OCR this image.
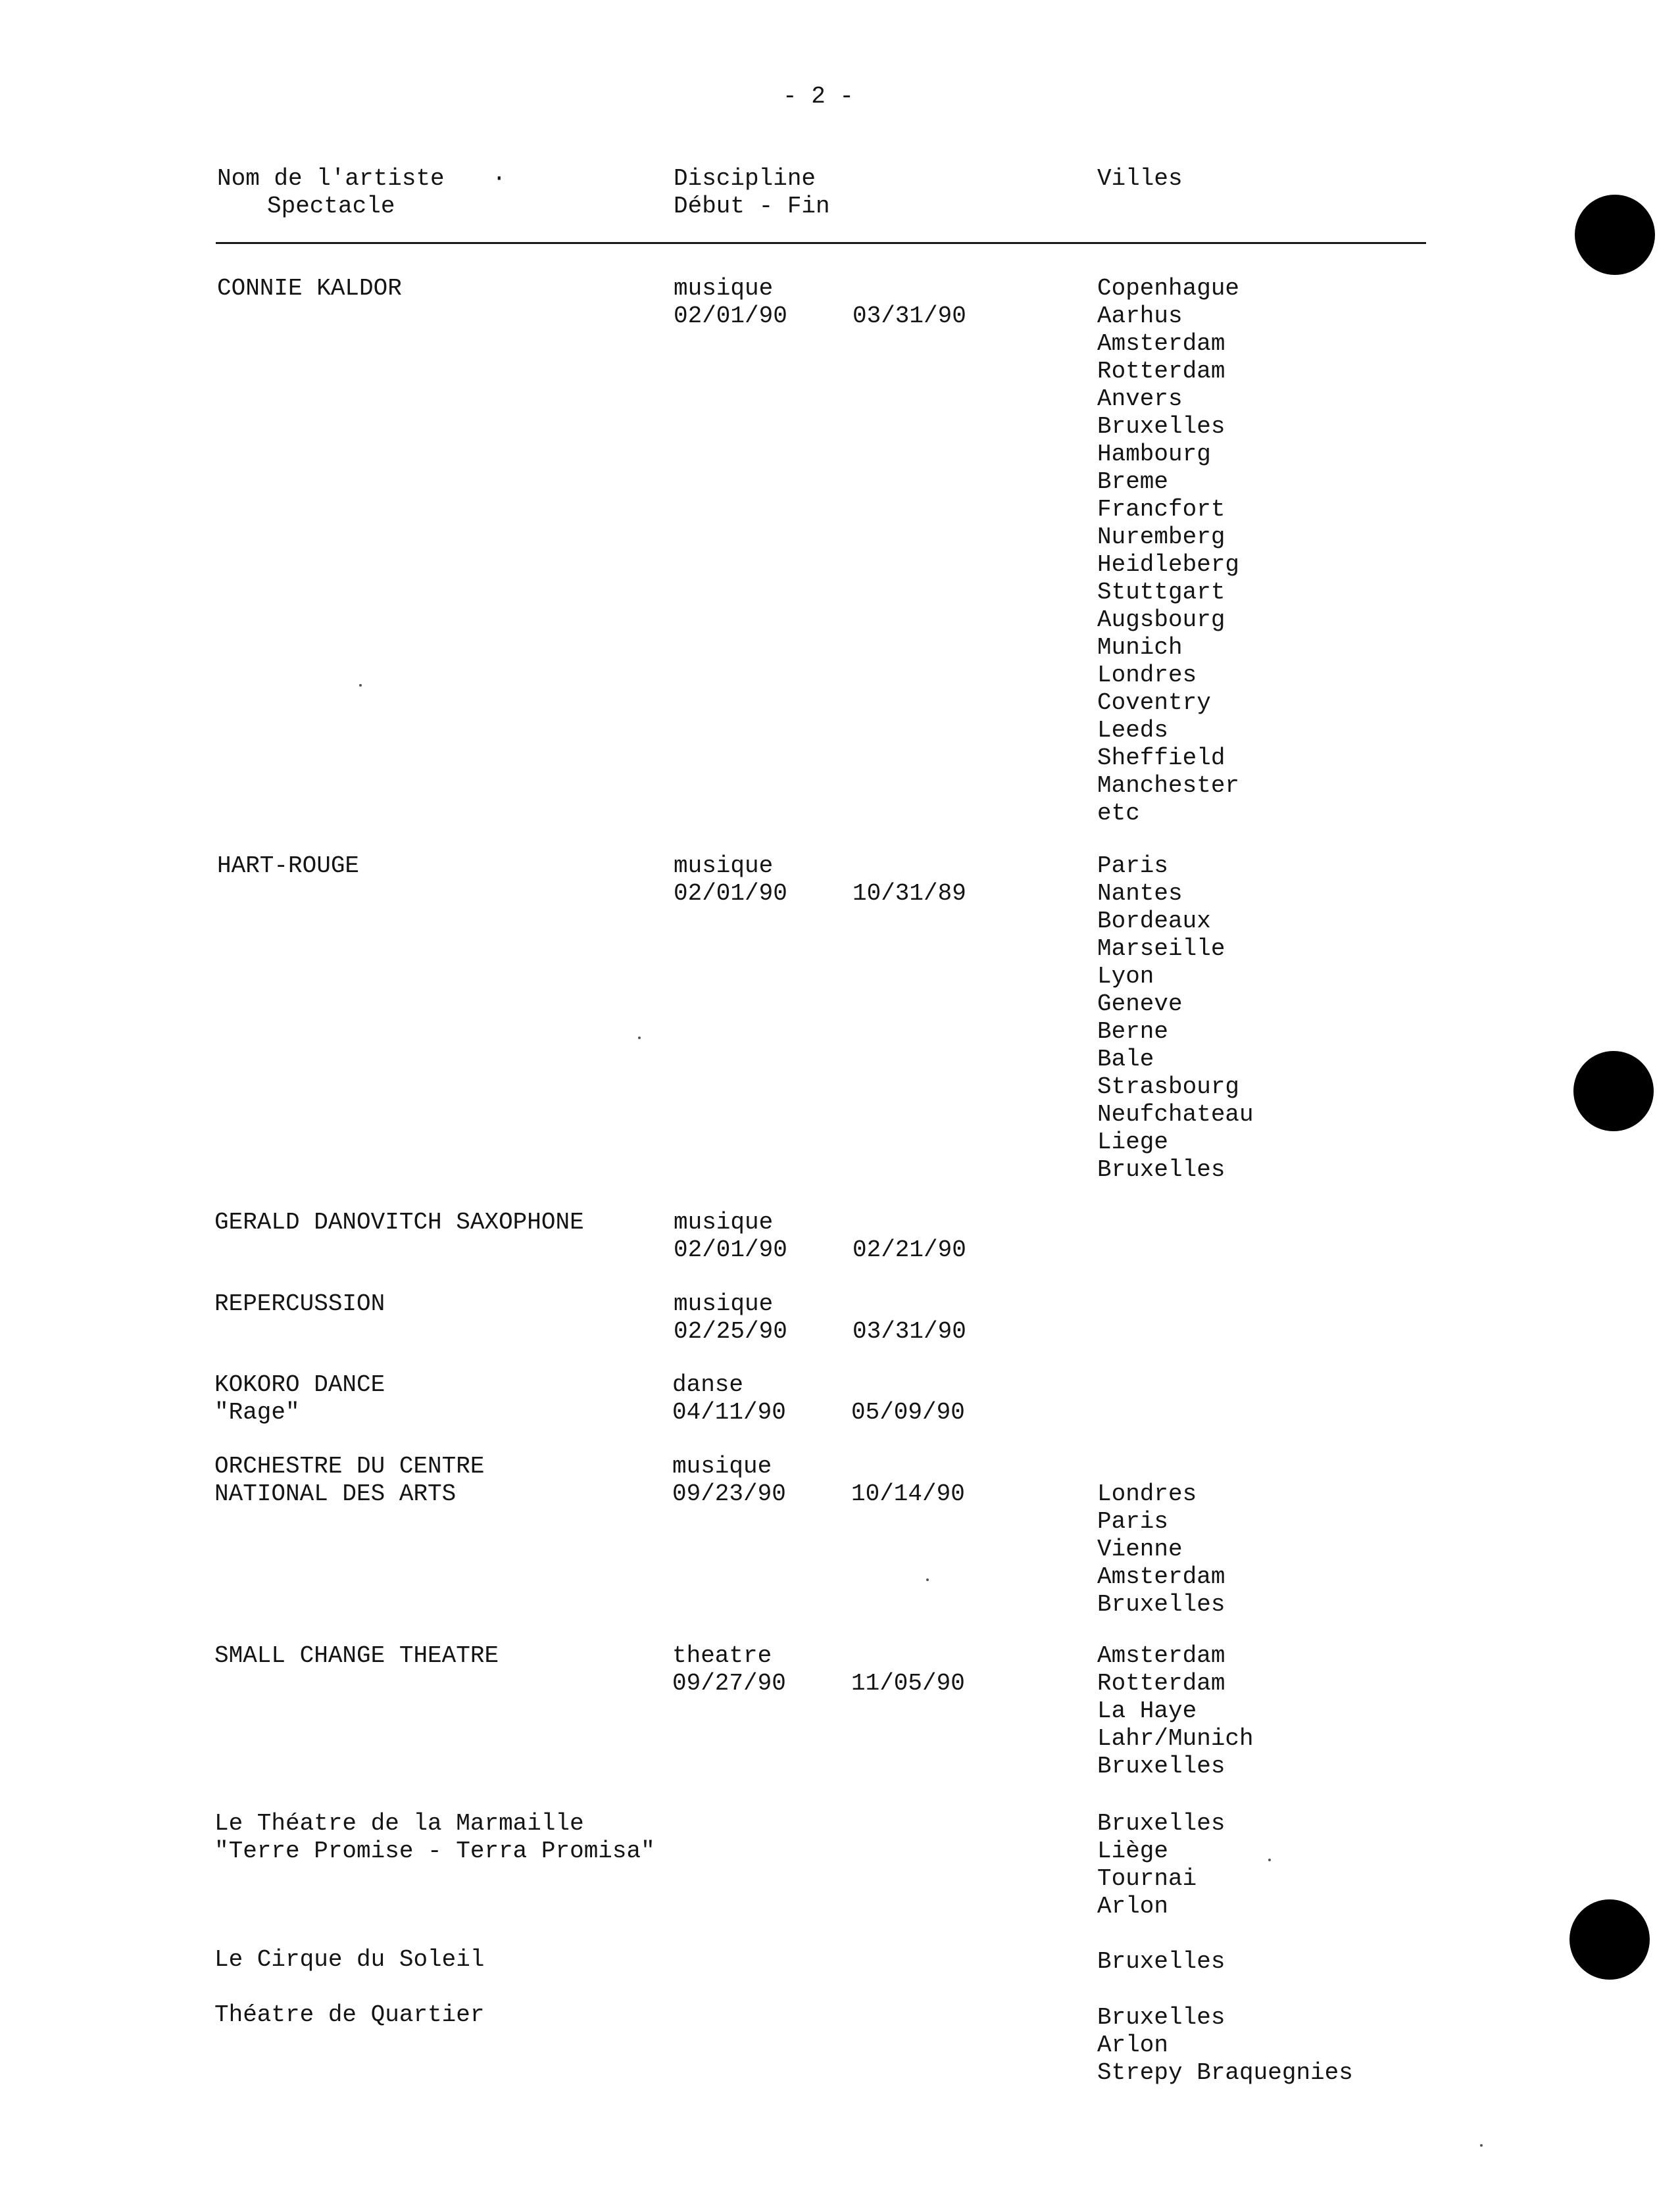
- 2 -
Nom de l'artiste ·
Spectacle
Discipline
Début - Fin
Villes
CONNIE KALDOR	musique
02/01/90	03/31/90
Copenhague
Aarhus
Amsterdam
Rotterdam
Anvers
Bruxelles
Hambourg
Breme
Francfort
Nuremberg
Heidleberg
Stuttgart
Augsbourg
Munich
Londres
Coventry
Leeds
Sheffield
Manchester
etc
HART-ROUGE	musique
02/01/90	10/31/89
Paris
Nantes
Bordeaux
Marseille
Lyon
Geneve
Berne
Bale
Strasbourg
Neufchateau
Liege
Bruxelles
GERALD DANOVITCH SAXOPHONE	musique
02/01/90	02/21/90
REPERCUSSION	musique
02/25/90	03/31/90
KOKORO DANCE
"Rage"
danse
04/11/90	05/09/90
ORCHESTRE DU CENTRE
NATIONAL DES ARTS
musique
09/23/90	10/14/90	Londres
Paris
Vienne
Amsterdam
Bruxelles
SMALL CHANGE THEATRE	theatre
09/27/90	11/05/90
Amsterdam
Rotterdam
La Haye
Lahr/Munich
Bruxelles
Le Théatre de la Marmaille
"Terre Promise - Terra Promisa"
Bruxelles
Liège
Tournai
Arlon
Le Cirque du Soleil	Bruxelles
Théatre de Quartier	Bruxelles
Arlon
Strepy Braquegnies
